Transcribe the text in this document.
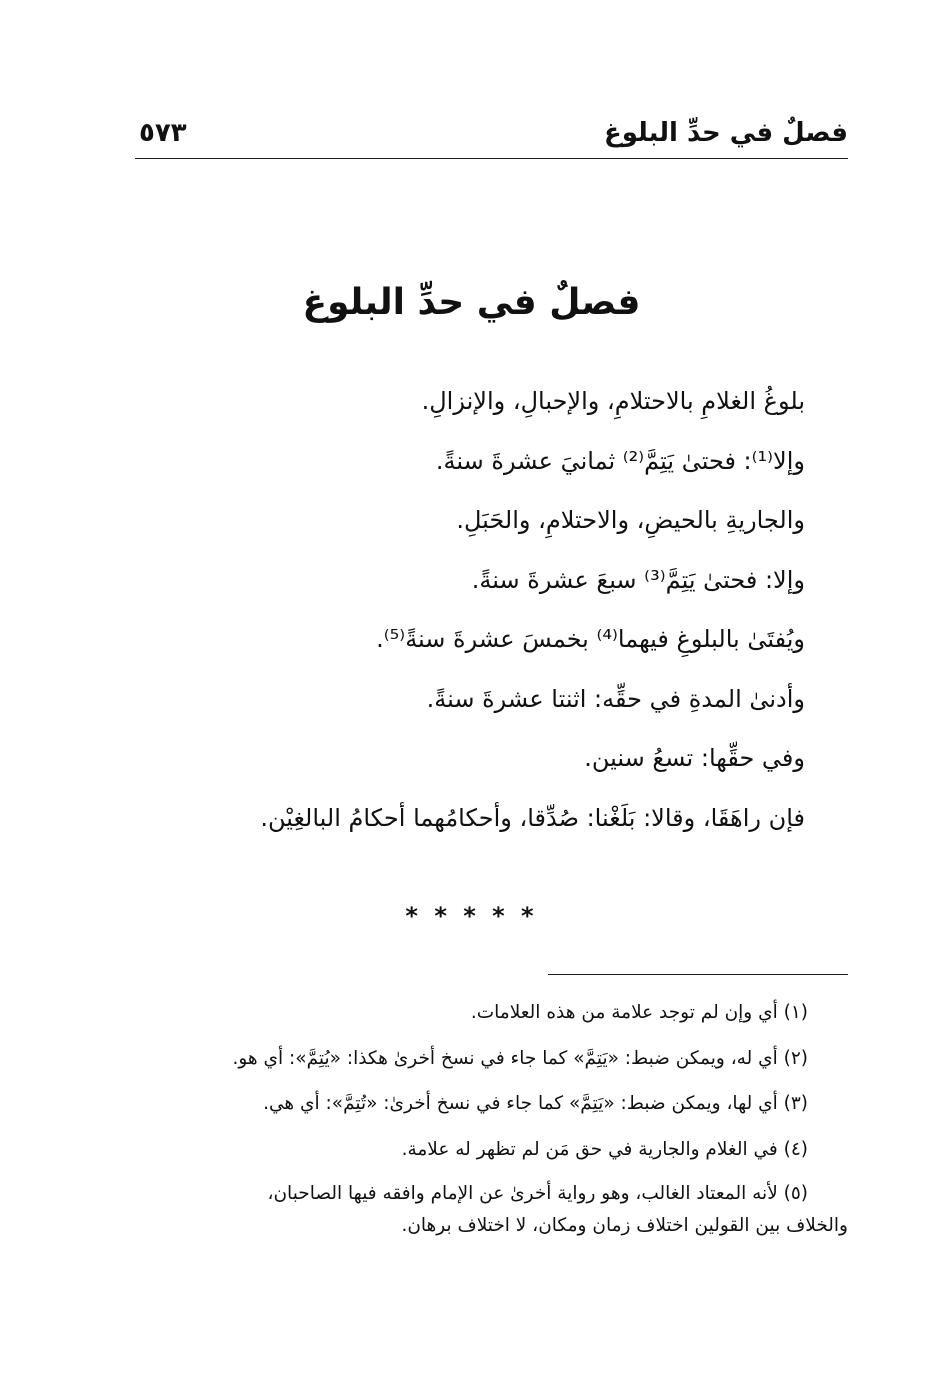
فصلٌ في حدِّ البلوغ
٥٧٣
فصلٌ في حدِّ البلوغ
بلوغُ الغلامِ بالاحتلامِ، والإحبالِ، والإنزالِ.
وإلا⁽¹⁾: فحتىٰ يَتِمَّ⁽²⁾ ثمانيَ عشرةَ سنةً.
والجاريةِ بالحيضِ، والاحتلامِ، والحَبَلِ.
وإلا: فحتىٰ يَتِمَّ⁽³⁾ سبعَ عشرةَ سنةً.
ويُفتَىٰ بالبلوغِ فيهما⁽⁴⁾ بخمسَ عشرةَ سنةً⁽⁵⁾.
وأدنىٰ المدةِ في حقِّه: اثنتا عشرةَ سنةً.
وفي حقِّها: تسعُ سنين.
فإن راهَقَا، وقالا: بَلَغْنا: صُدِّقا، وأحكامُهما أحكامُ البالغِيْن.
* * * * *
(١) أي وإن لم توجد علامة من هذه العلامات.
(٢) أي له، ويمكن ضبط: «يَتِمَّ» كما جاء في نسخ أخرىٰ هكذا: «يُتِمَّ»: أي هو.
(٣) أي لها، ويمكن ضبط: «يَتِمَّ» كما جاء في نسخ أخرىٰ: «تُتِمَّ»: أي هي.
(٤) في الغلام والجارية في حق مَن لم تظهر له علامة.
(٥) لأنه المعتاد الغالب، وهو رواية أخرىٰ عن الإمام وافقه فيها الصاحبان،
والخلاف بين القولين اختلاف زمان ومكان، لا اختلاف برهان.
